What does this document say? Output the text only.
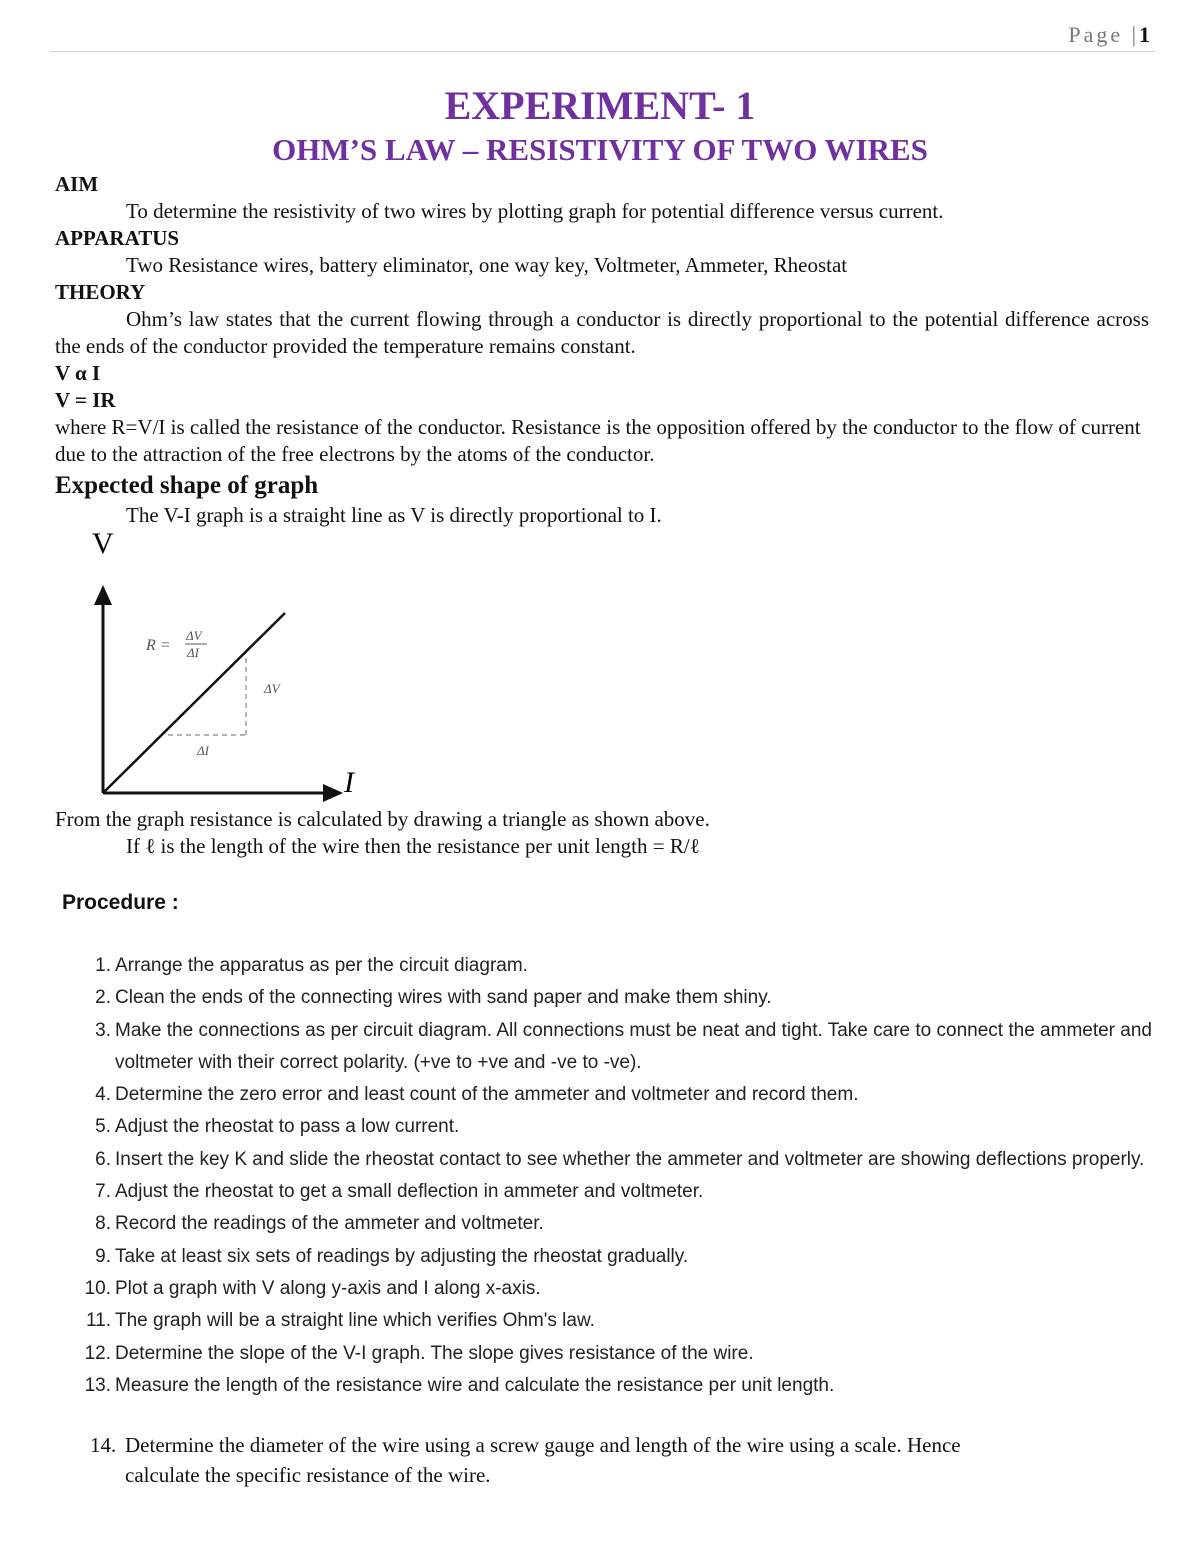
Page |1
EXPERIMENT- 1
OHM’S LAW – RESISTIVITY OF TWO WIRES
AIM
To determine the resistivity of two wires by plotting graph for potential difference versus current.
APPARATUS
Two Resistance wires, battery eliminator, one way key, Voltmeter, Ammeter, Rheostat
THEORY
Ohm’s law states that the current flowing through a conductor is directly proportional to the potential difference across the ends of the conductor provided the temperature remains constant.
V α I
V = IR
where R=V/I is called the resistance of the conductor. Resistance is the opposition offered by the conductor to the flow of current due to the attraction of the free electrons by the atoms of the conductor.
Expected shape of graph
The V-I graph is a straight line as V is directly proportional to I.
V
I
R =
ΔV
ΔI
ΔV
ΔI
From the graph resistance is calculated by drawing a triangle as shown above.
If ℓ is the length of the wire then the resistance per unit length = R/ℓ
Procedure :
1. Arrange the apparatus as per the circuit diagram.
2. Clean the ends of the connecting wires with sand paper and make them shiny.
3. Make the connections as per circuit diagram. All connections must be neat and tight. Take care to connect the ammeter and voltmeter with their correct polarity. (+ve to +ve and -ve to -ve).
4. Determine the zero error and least count of the ammeter and voltmeter and record them.
5. Adjust the rheostat to pass a low current.
6. Insert the key K and slide the rheostat contact to see whether the ammeter and voltmeter are showing deflections properly.
7. Adjust the rheostat to get a small deflection in ammeter and voltmeter.
8. Record the readings of the ammeter and voltmeter.
9. Take at least six sets of readings by adjusting the rheostat gradually.
10. Plot a graph with V along y-axis and I along x-axis.
11. The graph will be a straight line which verifies Ohm's law.
12. Determine the slope of the V-I graph. The slope gives resistance of the wire.
13. Measure the length of the resistance wire and calculate the resistance per unit length.
14. Determine the diameter of the wire using a screw gauge and length of the wire using a scale. Hence
calculate the specific resistance of the wire.
